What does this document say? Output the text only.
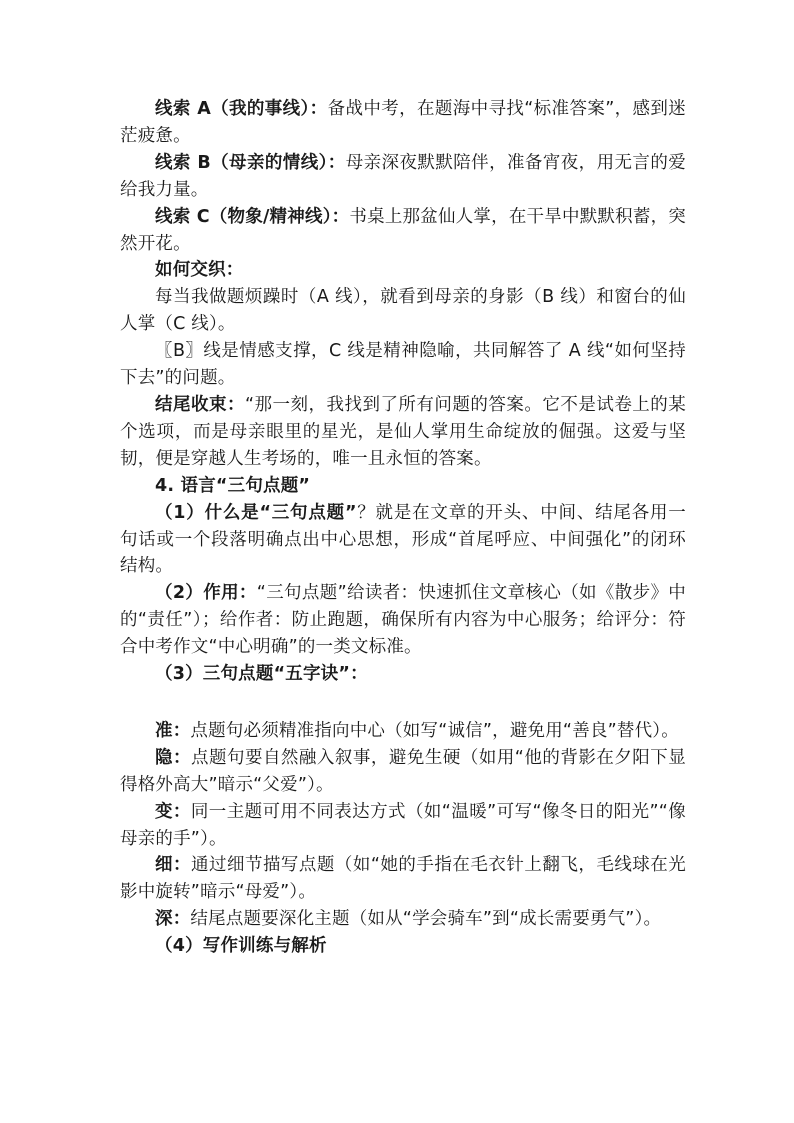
线索 A（我的事线）：备战中考，在题海中寻找“标准答案”，感到迷茫疲惫。

线索 B（母亲的情线）：母亲深夜默默陪伴，准备宵夜，用无言的爱给我力量。

线索 C（物象/精神线）：书桌上那盆仙人掌，在干旱中默默积蓄，突然开花。

如何交织：

每当我做题烦躁时（A 线），就看到母亲的身影（B 线）和窗台的仙人掌（C 线）。

〖B〗线是情感支撑，C 线是精神隐喻，共同解答了 A 线“如何坚持下去”的问题。

结尾收束：“那一刻，我找到了所有问题的答案。它不是试卷上的某个选项，而是母亲眼里的星光，是仙人掌用生命绽放的倔强。这爱与坚韧，便是穿越人生考场的，唯一且永恒的答案。

4. 语言“三句点题”

（1）什么是“三句点题”？就是在文章的开头、中间、结尾各用一句话或一个段落明确点出中心思想，形成“首尾呼应、中间强化”的闭环结构。

（2）作用：“三句点题”给读者：快速抓住文章核心（如《散步》中的“责任”）；给作者：防止跑题，确保所有内容为中心服务；给评分：符合中考作文“中心明确”的一类文标准。

（3）三句点题“五字诀”：

准：点题句必须精准指向中心（如写“诚信”，避免用“善良”替代）。

隐：点题句要自然融入叙事，避免生硬（如用“他的背影在夕阳下显得格外高大”暗示“父爱”）。

变：同一主题可用不同表达方式（如“温暖”可写“像冬日的阳光”“像母亲的手”）。

细：通过细节描写点题（如“她的手指在毛衣针上翻飞，毛线球在光影中旋转”暗示“母爱”）。

深：结尾点题要深化主题（如从“学会骑车”到“成长需要勇气”）。

（4）写作训练与解析
